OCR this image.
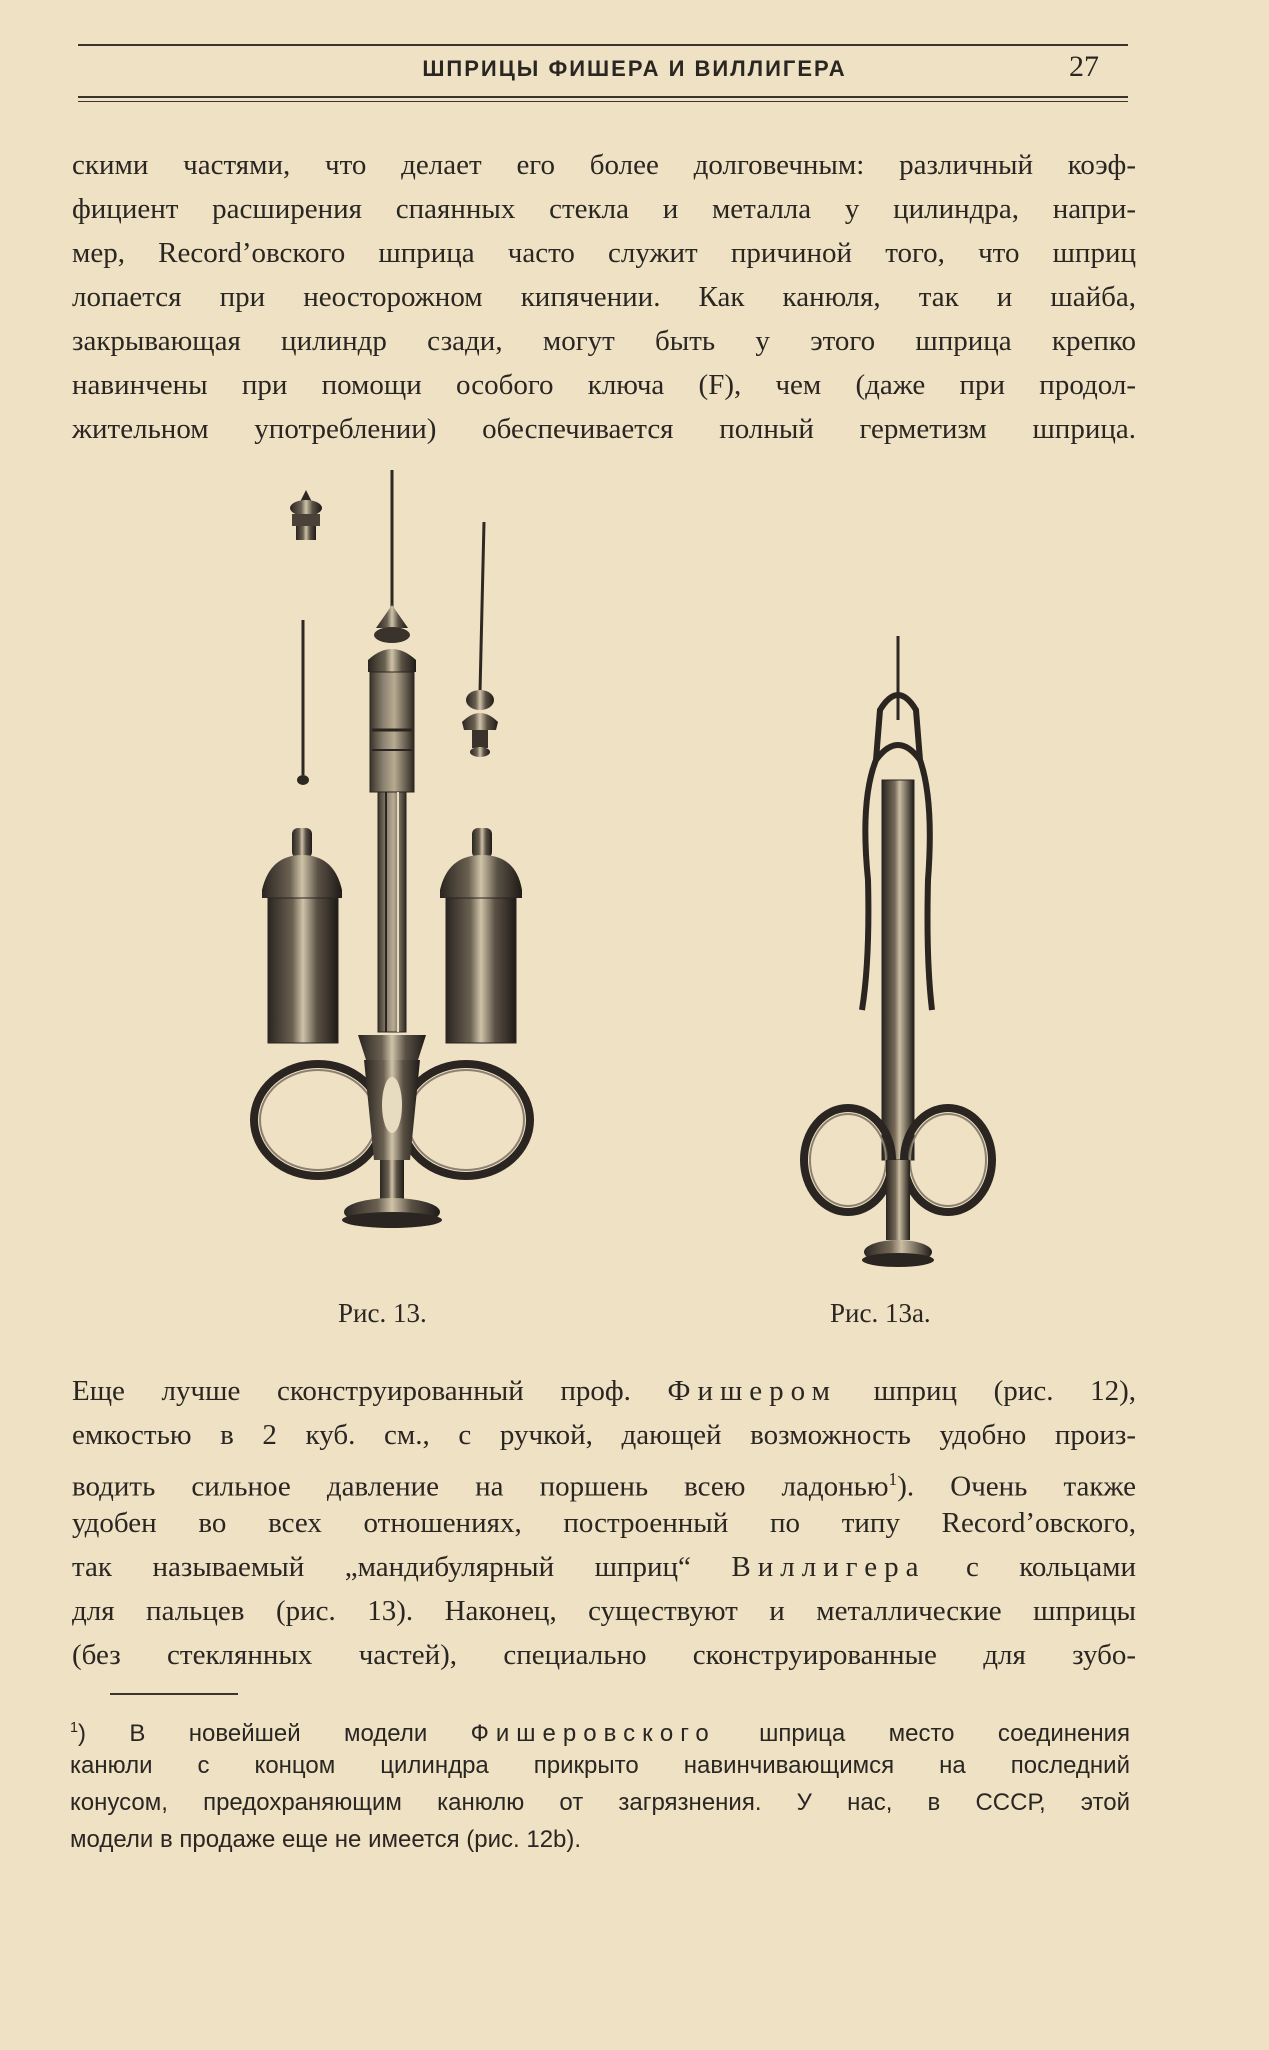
ШПРИЦЫ ФИШЕРА И ВИЛЛИГЕРА	27
скими частями, что делает его более долговечным: различный коэф-
фициент расширения спаянных стекла и металла у цилиндра, напри-
мер, Record’овского шприца часто служит причиной того, что шприц
лопается при неосторожном кипячении. Как канюля, так и шайба,
закрывающая цилиндр сзади, могут быть у этого шприца крепко
навинчены при помощи особого ключа (F), чем (даже при продол-
жительном употреблении) обеспечивается полный герметизм шприца.
Рис. 13.	Рис. 13а.
Еще лучше сконструированный проф. Фишером шприц (рис. 12),
емкостью в 2 куб. см., с ручкой, дающей возможность удобно произ-
водить сильное давление на поршень всею ладонью$^1$). Очень также
удобен во всех отношениях, построенный по типу Record’овского,
так называемый „мандибулярный шприц“ Виллигера с кольцами
для пальцев (рис. 13). Наконец, существуют и металлические шприцы
(без стеклянных частей), специально сконструированные для зубо-
$^1$) В новейшей модели Фишеровского шприца место соединения
канюли с концом цилиндра прикрыто навинчивающимся на последний
конусом, предохраняющим канюлю от загрязнения. У нас, в СССР, этой
модели в продаже еще не имеется (рис. 12b).
